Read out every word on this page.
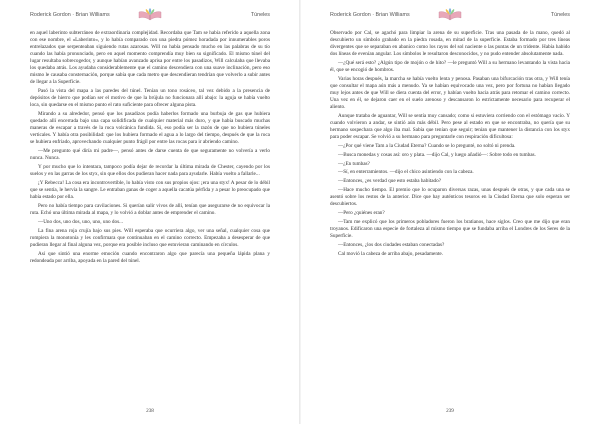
Roderick Gordon · Brian Williams	Túneles

en aquel laberinto subterráneo de extraordinaria complejidad. Recordaba que Tam se había referido a aquella zona con ese nombre, el «Laberinto», y lo había comparado con una piedra pómez horadada por innumerables poros entrelazados que serpenteaban siguiendo rutas azarosas. Will no había pensado mucho en las palabras de su tío cuando las había pronunciado, pero en aquel momento comprendía muy bien su significado. El mismo túnel del lugar resultaba sobrecogedor, y aunque habían avanzado aprisa por entre los pasadizos, Will calculaba que llevaba los quedaba atrás. Los ayudaba considerablemente que el camino descendiera con una suave inclinación, pero eso mismo le causaba consternación, porque sabía que cada metro que descendieran tendrían que volverlo a subir antes de llegar a la Superficie.

Pasó la vista del mapa a las paredes del túnel. Tenían un tono rosáceo, tal vez debido a la presencia de depósitos de hierro que podían ser el motivo de que la brújula no funcionara allí abajo: la aguja se había vuelto loca, sin quedarse en el mismo punto el rato suficiente para ofrecer alguna pista.

Mirando a su alrededor, pensó que los pasadizos podía haberlos formado una burbuja de gas que hubiera quedado allí encerrada bajo una capa solidificada de cualquier material más duro, y que había buscado muchas maneras de escapar a través de la roca volcánica fundida. Si, eso podía ser la razón de que no hubiera túneles verticales. Y había otra posibilidad: que los hubiera formado el agua a lo largo del tiempo, después de que la roca se hubiera enfriado, aprovechando cualquier punto frágil por entre las rocas para ir abriendo camino.

—Me pregunto qué diría mi padre—, pensó antes de darse cuenta de que seguramente no volvería a verlo nunca. Nunca.

Y por mucho que lo intentara, tampoco podía dejar de recordar la última mirada de Chester, cayendo por los suelos y en las garras de los styx, sin que ellos dos pudieran hacer nada para ayudarle. Había vuelto a fallarle...

¡Y Rebecca! La cosa era incontrovertible, lo había visto con sus propios ojos: ¡era una styx! A pesar de lo débil que se sentía, le hervía la sangre. Le entraban ganas de coger a aquella cacatúa pérfida y a pesar lo preocupado que había estado por ella.

Pero no había tiempo para cavilaciones. Si querían salir vivos de allí, tenían que asegurarse de no equivocar la ruta. Echó una última mirada al mapa, y lo volvió a doblar antes de emprender el camino.

—Uno dos, uno dos, uno, uno, uno dos...

La fina arena roja crujía bajo sus pies. Will esperaba que ocurriera algo, ver una señal, cualquier cosa que rompiera la monotonía y les confirmara que continuaban en el camino correcto. Empezaba a desesperar de que pudieran llegar al final alguna vez, porque era posible incluso que estuvieran caminando en círculos.

Así que sintió una enorme emoción cuando encontraron algo que parecía una pequeña lápida plana y redondeada por arriba, apoyada en la pared del túnel.

238
Roderick Gordon · Brian Williams	Túneles

Observado por Cal, se agachó para limpiar la arena de su superficie. Tras una pasada de la mano, quedó al descubierto un símbolo grabado en la piedra rosada, en mitad de la superficie. Estaba formado por tres líneas divergentes que se separaban en abanico como los rayos del sol naciente o las puntas de un tridente. Había habido dos líneas de evenían angular. Los símbolos le resultaron desconocidos, y no pudo entender absolutamente nada.

—¿Qué será esto? ¿Algún tipo de mojón o de hito? —le preguntó Will a su hermano levantando la vista hacia él, que se encogió de hombros.

Varias horas después, la marcha se había vuelto lenta y penosa. Pasaban una bifurcación tras otra, y Will tenía que consultar el mapa aún más a menudo. Ya se habían equivocado una vez, pero por fortuna no habían llegado muy lejos antes de que Will se diera cuenta del error, y habían vuelto hacia atrás para retomar el camino correcto. Una vez en él, se dejaron caer en el suelo arenoso y descansaron lo estrictamente necesario para recuperar el aliento.

Aunque trataba de aguantar, Will se sentía muy cansado; como si estuviera corriendo con el estómago vacío. Y cuando volvieron a andar, se sintió aún más débil. Pero pese al estado en que se encontraba, no quería que su hermano sospechara que algo iba mal. Sabía que tenían que seguir; tenían que mantener la distancia con los styx para poder escapar. Se volvió a su hermano para preguntarle con respiración dificultosa:

—¿Por qué viene Tam a la Ciudad Eterna? Cuando se lo pregunté, no soltó ni prenda.

—Busca monedas y cosas así: oro y plata. —dijo Cal, y luego añadió—: Sobre todo en tumbas.

—¿En tumbas?

—Sí, en enterramientos. —dijo el chico asintiendo con la cabeza.

—Entonces, ¿es verdad que esto estaba habitado?

—Hace mucho tiempo. El premio que lo ocuparon diversas razas, unas después de otras, y que cada una se asentó sobre los restos de la anterior. Dice que hay auténticos tesoros en la Ciudad Eterna que solo esperan ser descubiertos.

—Pero ¿quiénes eran?

—Tam me explicó que los primeros pobladores fueron los bratianos, hace siglos. Creo que me dijo que eran troyanos. Edificaron una especie de fortaleza al mismo tiempo que se fundaba arriba el Londres de los Seres de la Superficie.

—Entonces, ¿los dos ciudades estaban conectadas?

Cal movió la cabeza de arriba abajo, pesadamente.

239
